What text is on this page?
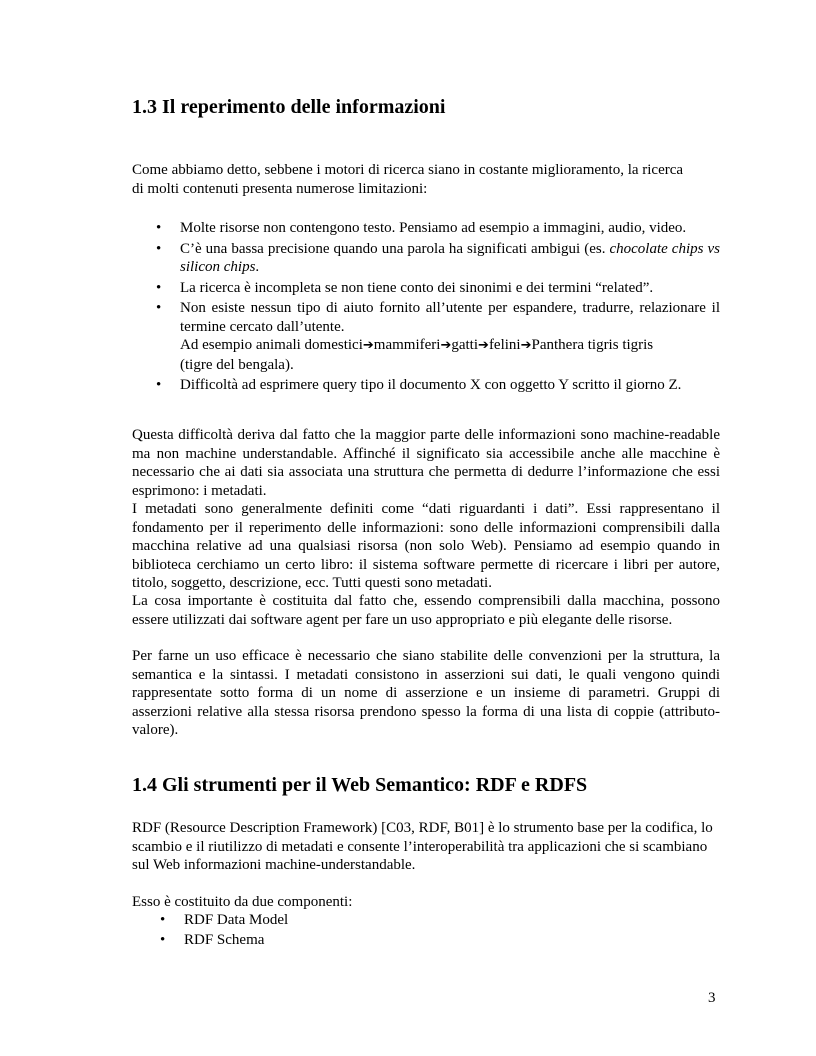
1.3 Il reperimento delle informazioni

Come abbiamo detto, sebbene i motori di ricerca siano in costante miglioramento, la ricerca di molti contenuti presenta numerose limitazioni:

• Molte risorse non contengono testo. Pensiamo ad esempio a immagini, audio, video.
• C’è una bassa precisione quando una parola ha significati ambigui (es. chocolate chips vs silicon chips.
• La ricerca è incompleta se non tiene conto dei sinonimi e dei termini “related”.
• Non esiste nessun tipo di aiuto fornito all’utente per espandere, tradurre, relazionare il termine cercato dall’utente.
Ad esempio animali domestici➔mammiferi➔gatti➔felini➔Panthera tigris tigris
(tigre del bengala).
• Difficoltà ad esprimere query tipo il documento X con oggetto Y scritto il giorno Z.

Questa difficoltà deriva dal fatto che la maggior parte delle informazioni sono machine-readable ma non machine understandable. Affinché il significato sia accessibile anche alle macchine è necessario che ai dati sia associata una struttura che permetta di dedurre l’informazione che essi esprimono: i metadati.

I metadati sono generalmente definiti come “dati riguardanti i dati”. Essi rappresentano il fondamento per il reperimento delle informazioni: sono delle informazioni comprensibili dalla macchina relative ad una qualsiasi risorsa (non solo Web). Pensiamo ad esempio quando in biblioteca cerchiamo un certo libro: il sistema software permette di ricercare i libri per autore, titolo, soggetto, descrizione, ecc. Tutti questi sono metadati.

La cosa importante è costituita dal fatto che, essendo comprensibili dalla macchina, possono essere utilizzati dai software agent per fare un uso appropriato e più elegante delle risorse.

Per farne un uso efficace è necessario che siano stabilite delle convenzioni per la struttura, la semantica e la sintassi. I metadati consistono in asserzioni sui dati, le quali vengono quindi rappresentate sotto forma di un nome di asserzione e un insieme di parametri. Gruppi di asserzioni relative alla stessa risorsa prendono spesso la forma di una lista di coppie (attributo-valore).

1.4 Gli strumenti per il Web Semantico: RDF e RDFS

RDF (Resource Description Framework) [C03, RDF, B01] è lo strumento base per la codifica, lo scambio e il riutilizzo di metadati e consente l’interoperabilità tra applicazioni che si scambiano sul Web informazioni machine-understandable.

Esso è costituito da due componenti:

• RDF Data Model
• RDF Schema
3
